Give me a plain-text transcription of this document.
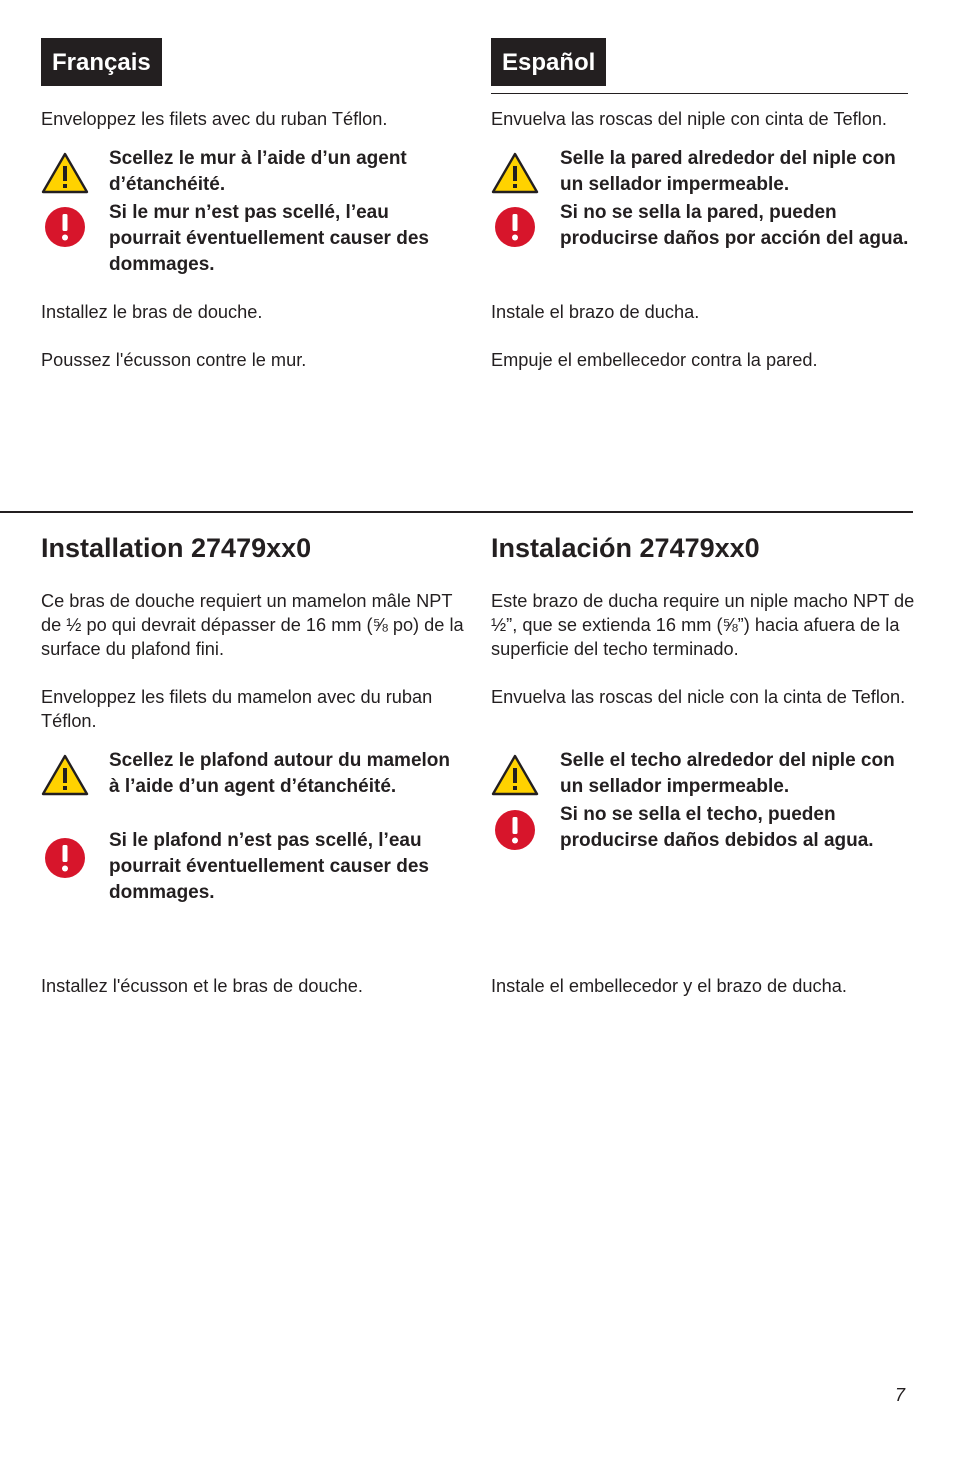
Français	Español

Enveloppez les filets avec du ruban Téflon.

Scellez le mur à l’aide d’un agent d’étanchéité.

Si le mur n’est pas scellé, l’eau pourrait éventuellement causer des dommages.

Installez le bras de douche.

Poussez l'écusson contre le mur.

Envuelva las roscas del niple con cinta de Teflon.

Selle la pared alrededor del niple con un sellador impermeable.

Si no se sella la pared, pueden producirse daños por acción del agua.

Instale el brazo de ducha.

Empuje el embellecedor contra la pared.

Installation 27479xx0	Instalación 27479xx0

Ce bras de douche requiert un mamelon mâle NPT de ½ po qui devrait dépasser de 16 mm (⅝ po) de la surface du plafond fini.

Enveloppez les filets du mamelon avec du ruban Téflon.

Scellez le plafond autour du mamelon à l’aide d’un agent d’étanchéité.

Si le plafond n’est pas scellé, l’eau pourrait éventuellement causer des dommages.

Installez l'écusson et le bras de douche.

Este brazo de ducha require un niple macho NPT de ½”, que se extienda 16 mm (⅝”) hacia afuera de la superficie del techo terminado.

Envuelva las roscas del nicle con la cinta de Teflon.

Selle el techo alrededor del niple con un sellador impermeable.

Si no se sella el techo, pueden producirse daños debidos al agua.

Instale el embellecedor y el brazo de ducha.

7
